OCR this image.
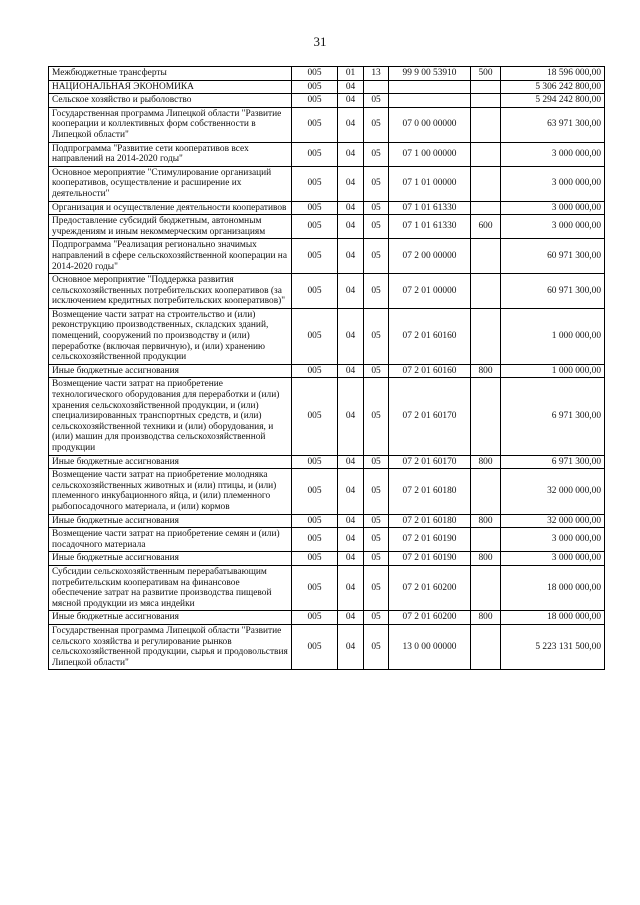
31
Межбюджетные трансферты	005	01	13	99 9 00 53910	500	18 596 000,00
НАЦИОНАЛЬНАЯ ЭКОНОМИКА	005	04				5 306 242 800,00
Сельское хозяйство и рыболовство	005	04	05			5 294 242 800,00
Государственная программа Липецкой области "Развитие кооперации и коллективных форм собственности в Липецкой области"	005	04	05	07 0 00 00000		63 971 300,00
Подпрограмма "Развитие сети кооперативов всех направлений на 2014-2020 годы"	005	04	05	07 1 00 00000		3 000 000,00
Основное мероприятие "Стимулирование организаций кооперативов, осуществление и расширение их деятельности"	005	04	05	07 1 01 00000		3 000 000,00
Организация и осуществление деятельности кооперативов	005	04	05	07 1 01 61330		3 000 000,00
Предоставление субсидий бюджетным, автономным учреждениям и иным некоммерческим организациям	005	04	05	07 1 01 61330	600	3 000 000,00
Подпрограмма "Реализация регионально значимых направлений в сфере сельскохозяйственной кооперации на 2014-2020 годы"	005	04	05	07 2 00 00000		60 971 300,00
Основное мероприятие "Поддержка развития сельскохозяйственных потребительских кооперативов (за исключением кредитных потребительских кооперативов)"	005	04	05	07 2 01 00000		60 971 300,00
Возмещение части затрат на строительство и (или) реконструкцию производственных, складских зданий, помещений, сооружений по производству и (или) переработке (включая первичную), и (или) хранению сельскохозяйственной продукции	005	04	05	07 2 01 60160		1 000 000,00
Иные бюджетные ассигнования	005	04	05	07 2 01 60160	800	1 000 000,00
Возмещение части затрат на приобретение технологического оборудования для переработки и (или) хранения сельскохозяйственной продукции, и (или) специализированных транспортных средств, и (или) сельскохозяйственной техники и (или) оборудования, и (или) машин для производства сельскохозяйственной продукции	005	04	05	07 2 01 60170		6 971 300,00
Иные бюджетные ассигнования	005	04	05	07 2 01 60170	800	6 971 300,00
Возмещение части затрат на приобретение молодняка сельскохозяйственных животных и (или) птицы, и (или) племенного инкубационного яйца, и (или) племенного рыбопосадочного материала, и (или) кормов	005	04	05	07 2 01 60180		32 000 000,00
Иные бюджетные ассигнования	005	04	05	07 2 01 60180	800	32 000 000,00
Возмещение части затрат на приобретение семян и (или) посадочного материала	005	04	05	07 2 01 60190		3 000 000,00
Иные бюджетные ассигнования	005	04	05	07 2 01 60190	800	3 000 000,00
Субсидии сельскохозяйственным перерабатывающим потребительским кооперативам на финансовое обеспечение затрат на развитие производства пищевой мясной продукции из мяса индейки	005	04	05	07 2 01 60200		18 000 000,00
Иные бюджетные ассигнования	005	04	05	07 2 01 60200	800	18 000 000,00
Государственная программа Липецкой области "Развитие сельского хозяйства и регулирование рынков сельскохозяйственной продукции, сырья и продовольствия Липецкой области"	005	04	05	13 0 00 00000		5 223 131 500,00
